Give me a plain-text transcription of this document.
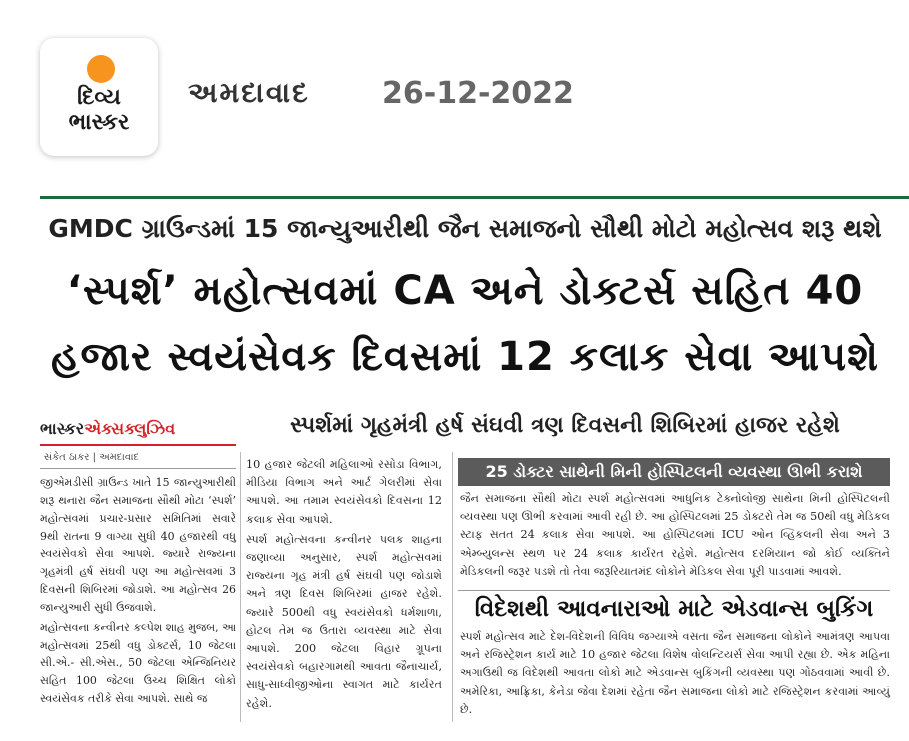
દિવ્ય
ભાસ્કર
અમદાવાદ 26-12-2022
GMDC ગ્રાઉન્ડમાં 15 જાન્યુઆરીથી જૈન સમાજનો સૌથી મોટો મહોત્સવ શરૂ થશે
‘સ્પર્શ’ મહોત્સવમાં CA અને ડોક્ટર્સ સહિત 40
હજાર સ્વયંસેવક દિવસમાં 12 કલાક સેવા આપશે
ભાસ્કરએક્સક્લુઝિવ	સ્પર્શમાં ગૃહમંત્રી હર્ષ સંઘવી ત્રણ દિવસની શિબિરમાં હાજર રહેશે
સંકેત ઠાકર | અમદાવાદ

જીએમડીસી ગ્રાઉન્ડ ખાતે 15 જાન્યુઆરીથી શરૂ થનારા જૈન સમાજના સૌથી મોટા ‘સ્પર્શ’ મહોત્સવમાં પ્રચાર-પ્રસાર સમિતિમાં સવારે 9થી રાતના 9 વાગ્યા સુધી 40 હજારથી વધુ સ્વયંસેવકો સેવા આપશે. જ્યારે રાજ્યના ગૃહમંત્રી હર્ષ સંઘવી પણ આ મહોત્સવમાં 3 દિવસની શિબિરમાં જોડાશે. આ મહોત્સવ 26 જાન્યુઆરી સુધી ઉજવાશે.

મહોત્સવના કન્વીનર કલ્પેશ શાહ મુજબ, આ મહોત્સવમાં 25થી વધુ ડોક્ટર્સ, 10 જેટલા સી.એ.- સી.એસ., 50 જેટલા એન્જિનિયર સહિત 100 જેટલા ઉચ્ચ શિક્ષિત લોકો સ્વયંસેવક તરીકે સેવા આપશે. સાથે જ

10 હજાર જેટલી મહિલાઓ રસોડા વિભાગ, મીડિયા વિભાગ અને આર્ટ ગેલરીમાં સેવા આપશે. આ તમામ સ્વયંસેવકો દિવસના 12 કલાક સેવા આપશે.

સ્પર્શ મહોત્સવના કન્વીનર પલક શાહના જણાવ્યા અનુસાર, સ્પર્શ મહોત્સવમાં રાજ્યના ગૃહ મંત્રી હર્ષ સંઘવી પણ જોડાશે અને ત્રણ દિવસ શિબિરમાં હાજર રહેશે. જ્યારે 500થી વધુ સ્વયંસેવકો ધર્મશાળા, હોટલ તેમ જ ઉતારા વ્યવસ્થા માટે સેવા આપશે. 200 જેટલા વિહાર ગ્રૂપના સ્વયંસેવકો બહારગામથી આવતા જૈનાચાર્ય, સાધુ-સાધ્વીજીઓના સ્વાગત માટે કાર્યરત રહેશે.

25 ડોક્ટર સાથેની મિની હોસ્પિટલની વ્યવસ્થા ઊભી કરાશે
જૈન સમાજના સૌથી મોટા સ્પર્શ મહોત્સવમાં આધુનિક ટેક્નોલોજી સાથેના મિની હોસ્પિટલની વ્યવસ્થા પણ ઊભી કરવામાં આવી રહી છે. આ હોસ્પિટલમાં 25 ડોક્ટરો તેમ જ 50થી વધુ મેડિકલ સ્ટાફ સતત 24 કલાક સેવા આપશે. આ હોસ્પિટલમાં ICU ઓન વ્હિકલની સેવા અને 3 એમ્બ્યુલન્સ સ્થળ પર 24 કલાક કાર્યરત રહેશે. મહોત્સવ દરમિયાન જો કોઈ વ્યક્તિને મેડિકલની જરૂર પડશે તો તેવા જરૂરિયાતમંદ લોકોને મેડિકલ સેવા પૂરી પાડવામાં આવશે.
વિદેશથી આવનારાઓ માટે એડવાન્સ બુકિંગ
સ્પર્શ મહોત્સવ માટે દેશ-વિદેશની વિવિધ જગ્યાએ વસતા જૈન સમાજના લોકોને આમંત્રણ આપવા અને રજિસ્ટ્રેશન કાર્ય માટે 10 હજાર જેટલા વિશેષ વોલન્ટિયર્સ સેવા આપી રહ્યા છે. એક મહિના અગાઉથી જ વિદેશથી આવતા લોકો માટે એડવાન્સ બુકિંગની વ્યવસ્થા પણ ગોઠવવામાં આવી છે. અમેરિકા, આફ્રિકા, કેનેડા જેવા દેશમાં રહેતા જૈન સમાજના લોકો માટે રજિસ્ટ્રેશન કરવામાં આવ્યું છે.
